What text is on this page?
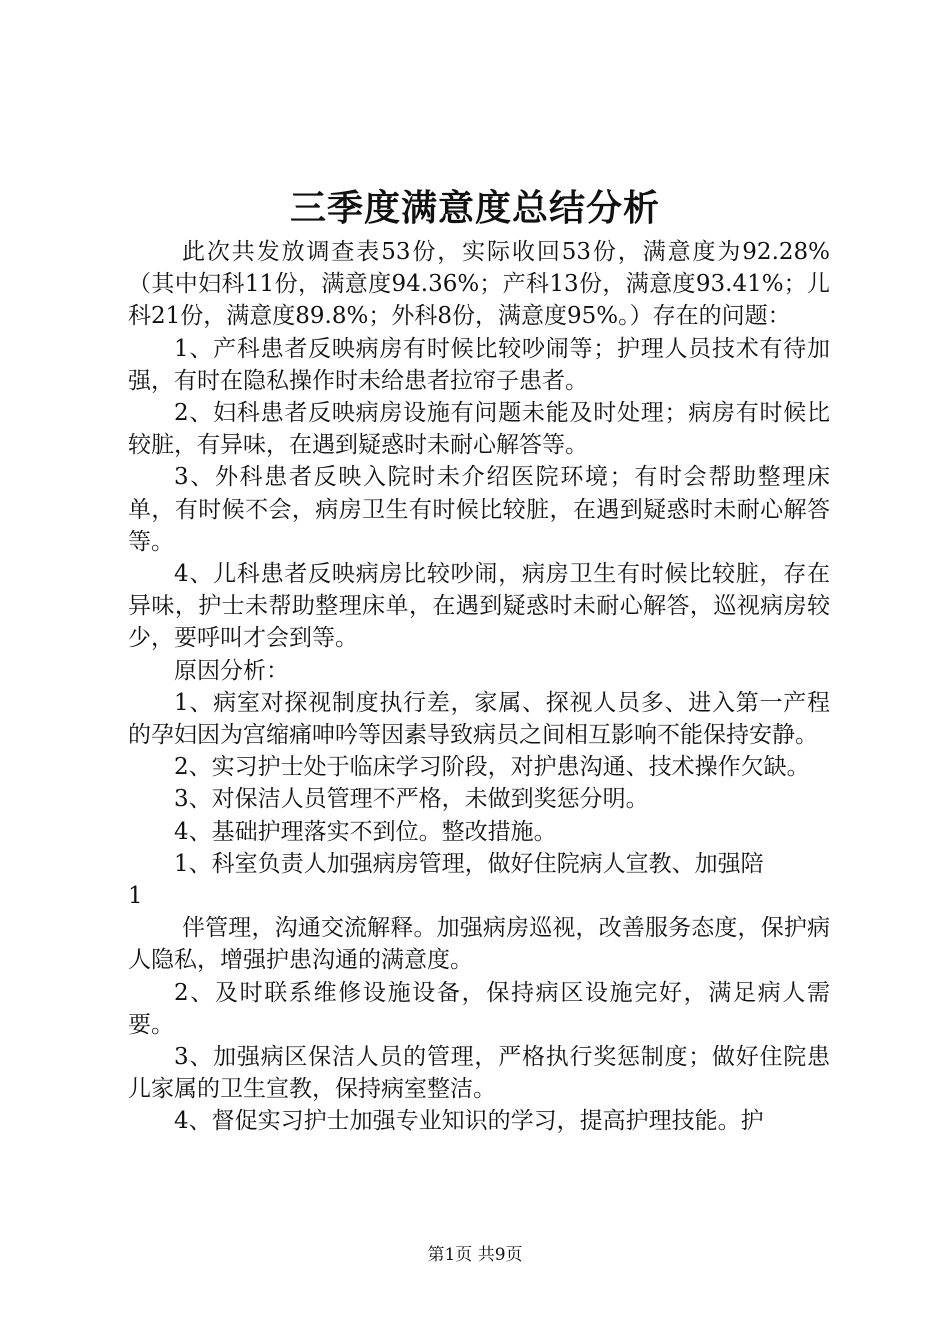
三季度满意度总结分析

此次共发放调查表53份，实际收回53份，满意度为92.28%（其中妇科11份，满意度94.36%；产科13份，满意度93.41%；儿科21份，满意度89.8%；外科8份，满意度95%。）存在的问题：

1、产科患者反映病房有时候比较吵闹等；护理人员技术有待加强，有时在隐私操作时未给患者拉帘子患者。

2、妇科患者反映病房设施有问题未能及时处理；病房有时候比较脏，有异味，在遇到疑惑时未耐心解答等。

3、外科患者反映入院时未介绍医院环境；有时会帮助整理床单，有时候不会，病房卫生有时候比较脏，在遇到疑惑时未耐心解答等。

4、儿科患者反映病房比较吵闹，病房卫生有时候比较脏，存在异味，护士未帮助整理床单，在遇到疑惑时未耐心解答，巡视病房较少，要呼叫才会到等。

原因分析：

1、病室对探视制度执行差，家属、探视人员多、进入第一产程的孕妇因为宫缩痛呻吟等因素导致病员之间相互影响不能保持安静。

2、实习护士处于临床学习阶段，对护患沟通、技术操作欠缺。

3、对保洁人员管理不严格，未做到奖惩分明。

4、基础护理落实不到位。整改措施。

1、科室负责人加强病房管理，做好住院病人宣教、加强陪

1

伴管理，沟通交流解释。加强病房巡视，改善服务态度，保护病人隐私，增强护患沟通的满意度。

2、及时联系维修设施设备，保持病区设施完好，满足病人需要。

3、加强病区保洁人员的管理，严格执行奖惩制度；做好住院患儿家属的卫生宣教，保持病室整洁。

4、督促实习护士加强专业知识的学习，提高护理技能。护

第1页 共9页
